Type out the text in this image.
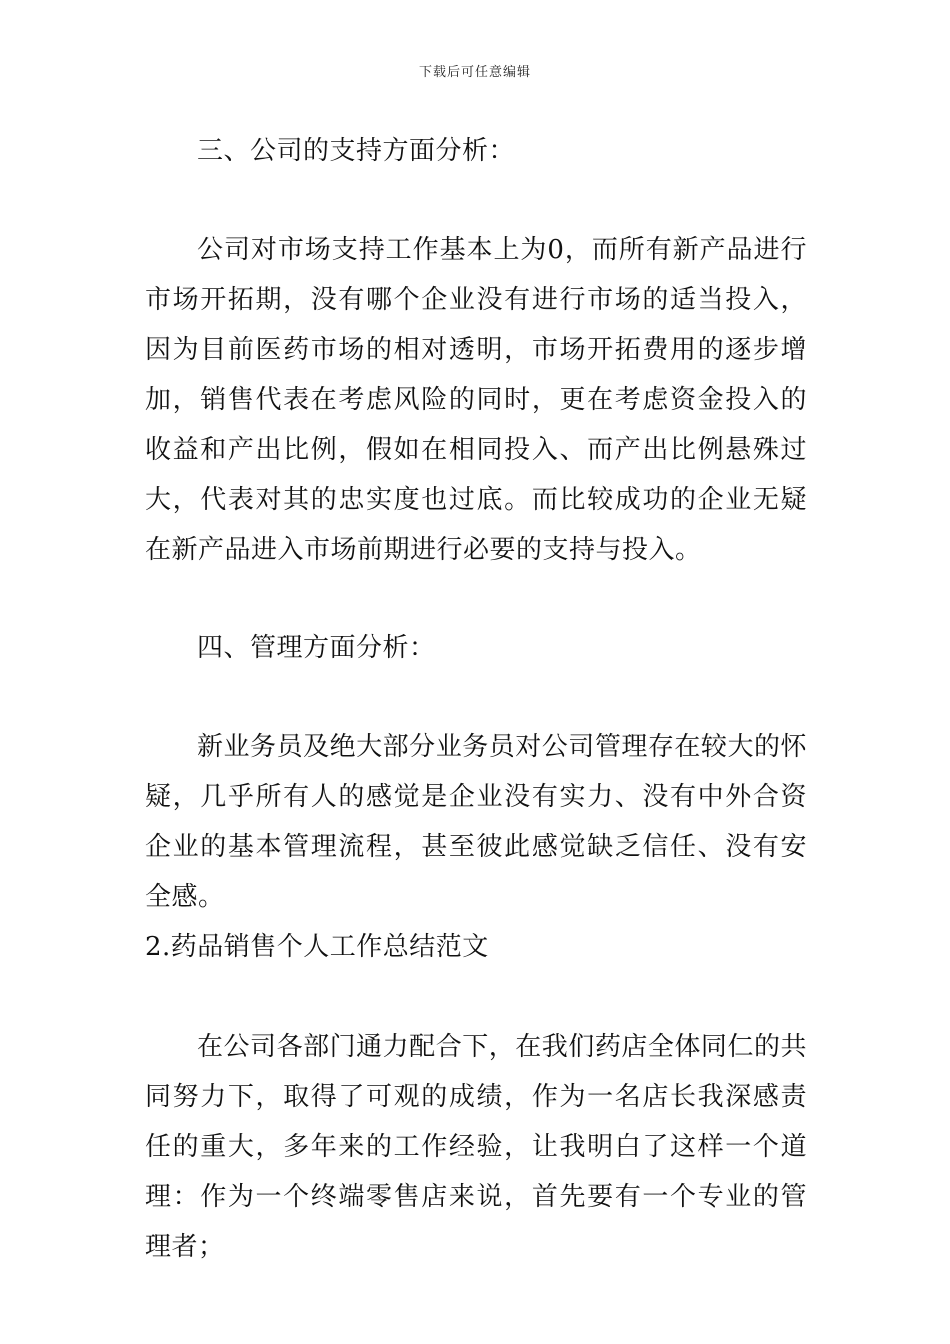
下载后可任意编辑
三、公司的支持方面分析：
公司对市场支持工作基本上为0，而所有新产品进行市场开拓期，没有哪个企业没有进行市场的适当投入，因为目前医药市场的相对透明，市场开拓费用的逐步增加，销售代表在考虑风险的同时，更在考虑资金投入的收益和产出比例，假如在相同投入、而产出比例悬殊过大，代表对其的忠实度也过底。而比较成功的企业无疑在新产品进入市场前期进行必要的支持与投入。
四、管理方面分析：
新业务员及绝大部分业务员对公司管理存在较大的怀疑，几乎所有人的感觉是企业没有实力、没有中外合资企业的基本管理流程，甚至彼此感觉缺乏信任、没有安全感。
2.药品销售个人工作总结范文
在公司各部门通力配合下，在我们药店全体同仁的共同努力下，取得了可观的成绩，作为一名店长我深感责任的重大，多年来的工作经验，让我明白了这样一个道理：作为一个终端零售店来说，首先要有一个专业的管理者；
